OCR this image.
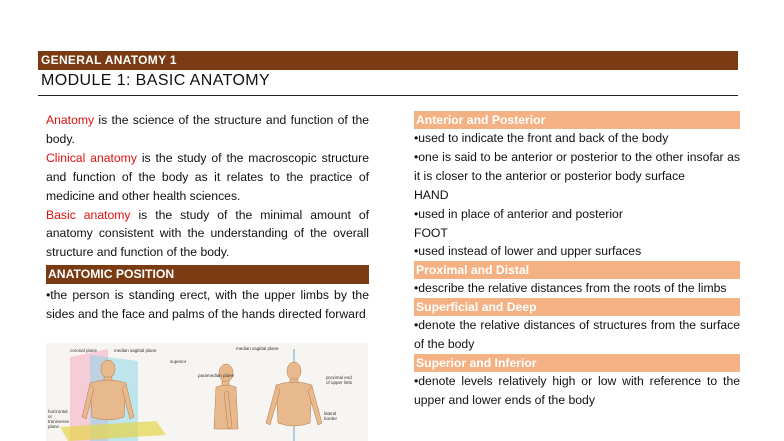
GENERAL ANATOMY 1
MODULE 1: BASIC ANATOMY

Anatomy is the science of the structure and function of the body.

Clinical anatomy is the study of the macroscopic structure and function of the body as it relates to the practice of medicine and other health sciences.

Basic anatomy is the study of the minimal amount of anatomy consistent with the understanding of the overall structure and function of the body.

ANATOMIC POSITION

•the person is standing erect, with the upper limbs by the sides and the face and palms of the hands directed forward

coronal plane	median sagittal plane
superior
median sagittal plane
paramedian plane	proximal end of upper limb
horizontal or transverse plane
lateral border
Anterior and Posterior

•used to indicate the front and back of the body

•one is said to be anterior or posterior to the other insofar as it is closer to the anterior or posterior body surface

HAND

•used in place of anterior and posterior

FOOT

•used instead of lower and upper surfaces

Proximal and Distal

•describe the relative distances from the roots of the limbs

Superficial and Deep

•denote the relative distances of structures from the surface of the body

Superior and Inferior

•denote levels relatively high or low with reference to the upper and lower ends of the body
